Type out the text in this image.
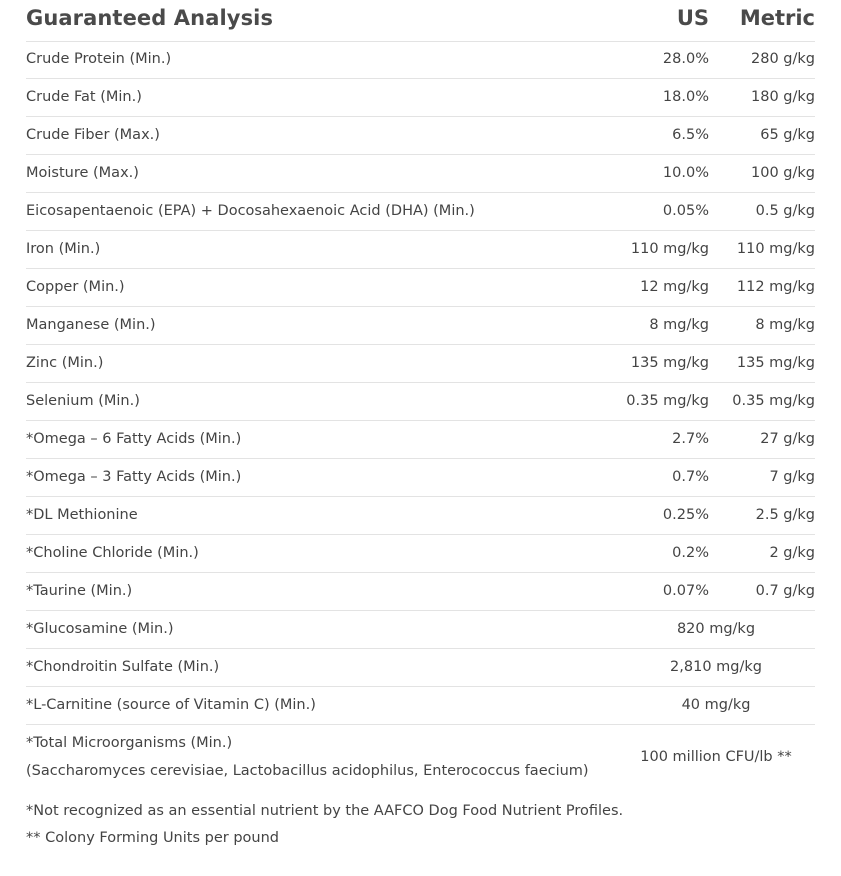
Guaranteed Analysis	US Metric
Crude Protein (Min.)	28.0%	280 g/kg
Crude Fat (Min.)	18.0%	180 g/kg
Crude Fiber (Max.)	6.5%	65 g/kg
Moisture (Max.)	10.0%	100 g/kg
Eicosapentaenoic (EPA) + Docosahexaenoic Acid (DHA) (Min.)	0.05%	0.5 g/kg
Iron (Min.)	110 mg/kg 110 mg/kg
Copper (Min.)	12 mg/kg 112 mg/kg
Manganese (Min.)	8 mg/kg	8 mg/kg
Zinc (Min.)	135 mg/kg 135 mg/kg
Selenium (Min.)	0.35 mg/kg 0.35 mg/kg
*Omega – 6 Fatty Acids (Min.)	2.7%	27 g/kg
*Omega – 3 Fatty Acids (Min.)	0.7%	7 g/kg
*DL Methionine	0.25%	2.5 g/kg
*Choline Chloride (Min.)	0.2%	2 g/kg
*Taurine (Min.)	0.07%	0.7 g/kg
*Glucosamine (Min.)	820 mg/kg
*Chondroitin Sulfate (Min.)	2,810 mg/kg
*L-Carnitine (source of Vitamin C) (Min.)	40 mg/kg
*Total Microorganisms (Min.)
(Saccharomyces cerevisiae, Lactobacillus acidophilus, Enterococcus faecium)
100 million CFU/lb **
*Not recognized as an essential nutrient by the AAFCO Dog Food Nutrient Profiles.
** Colony Forming Units per pound
